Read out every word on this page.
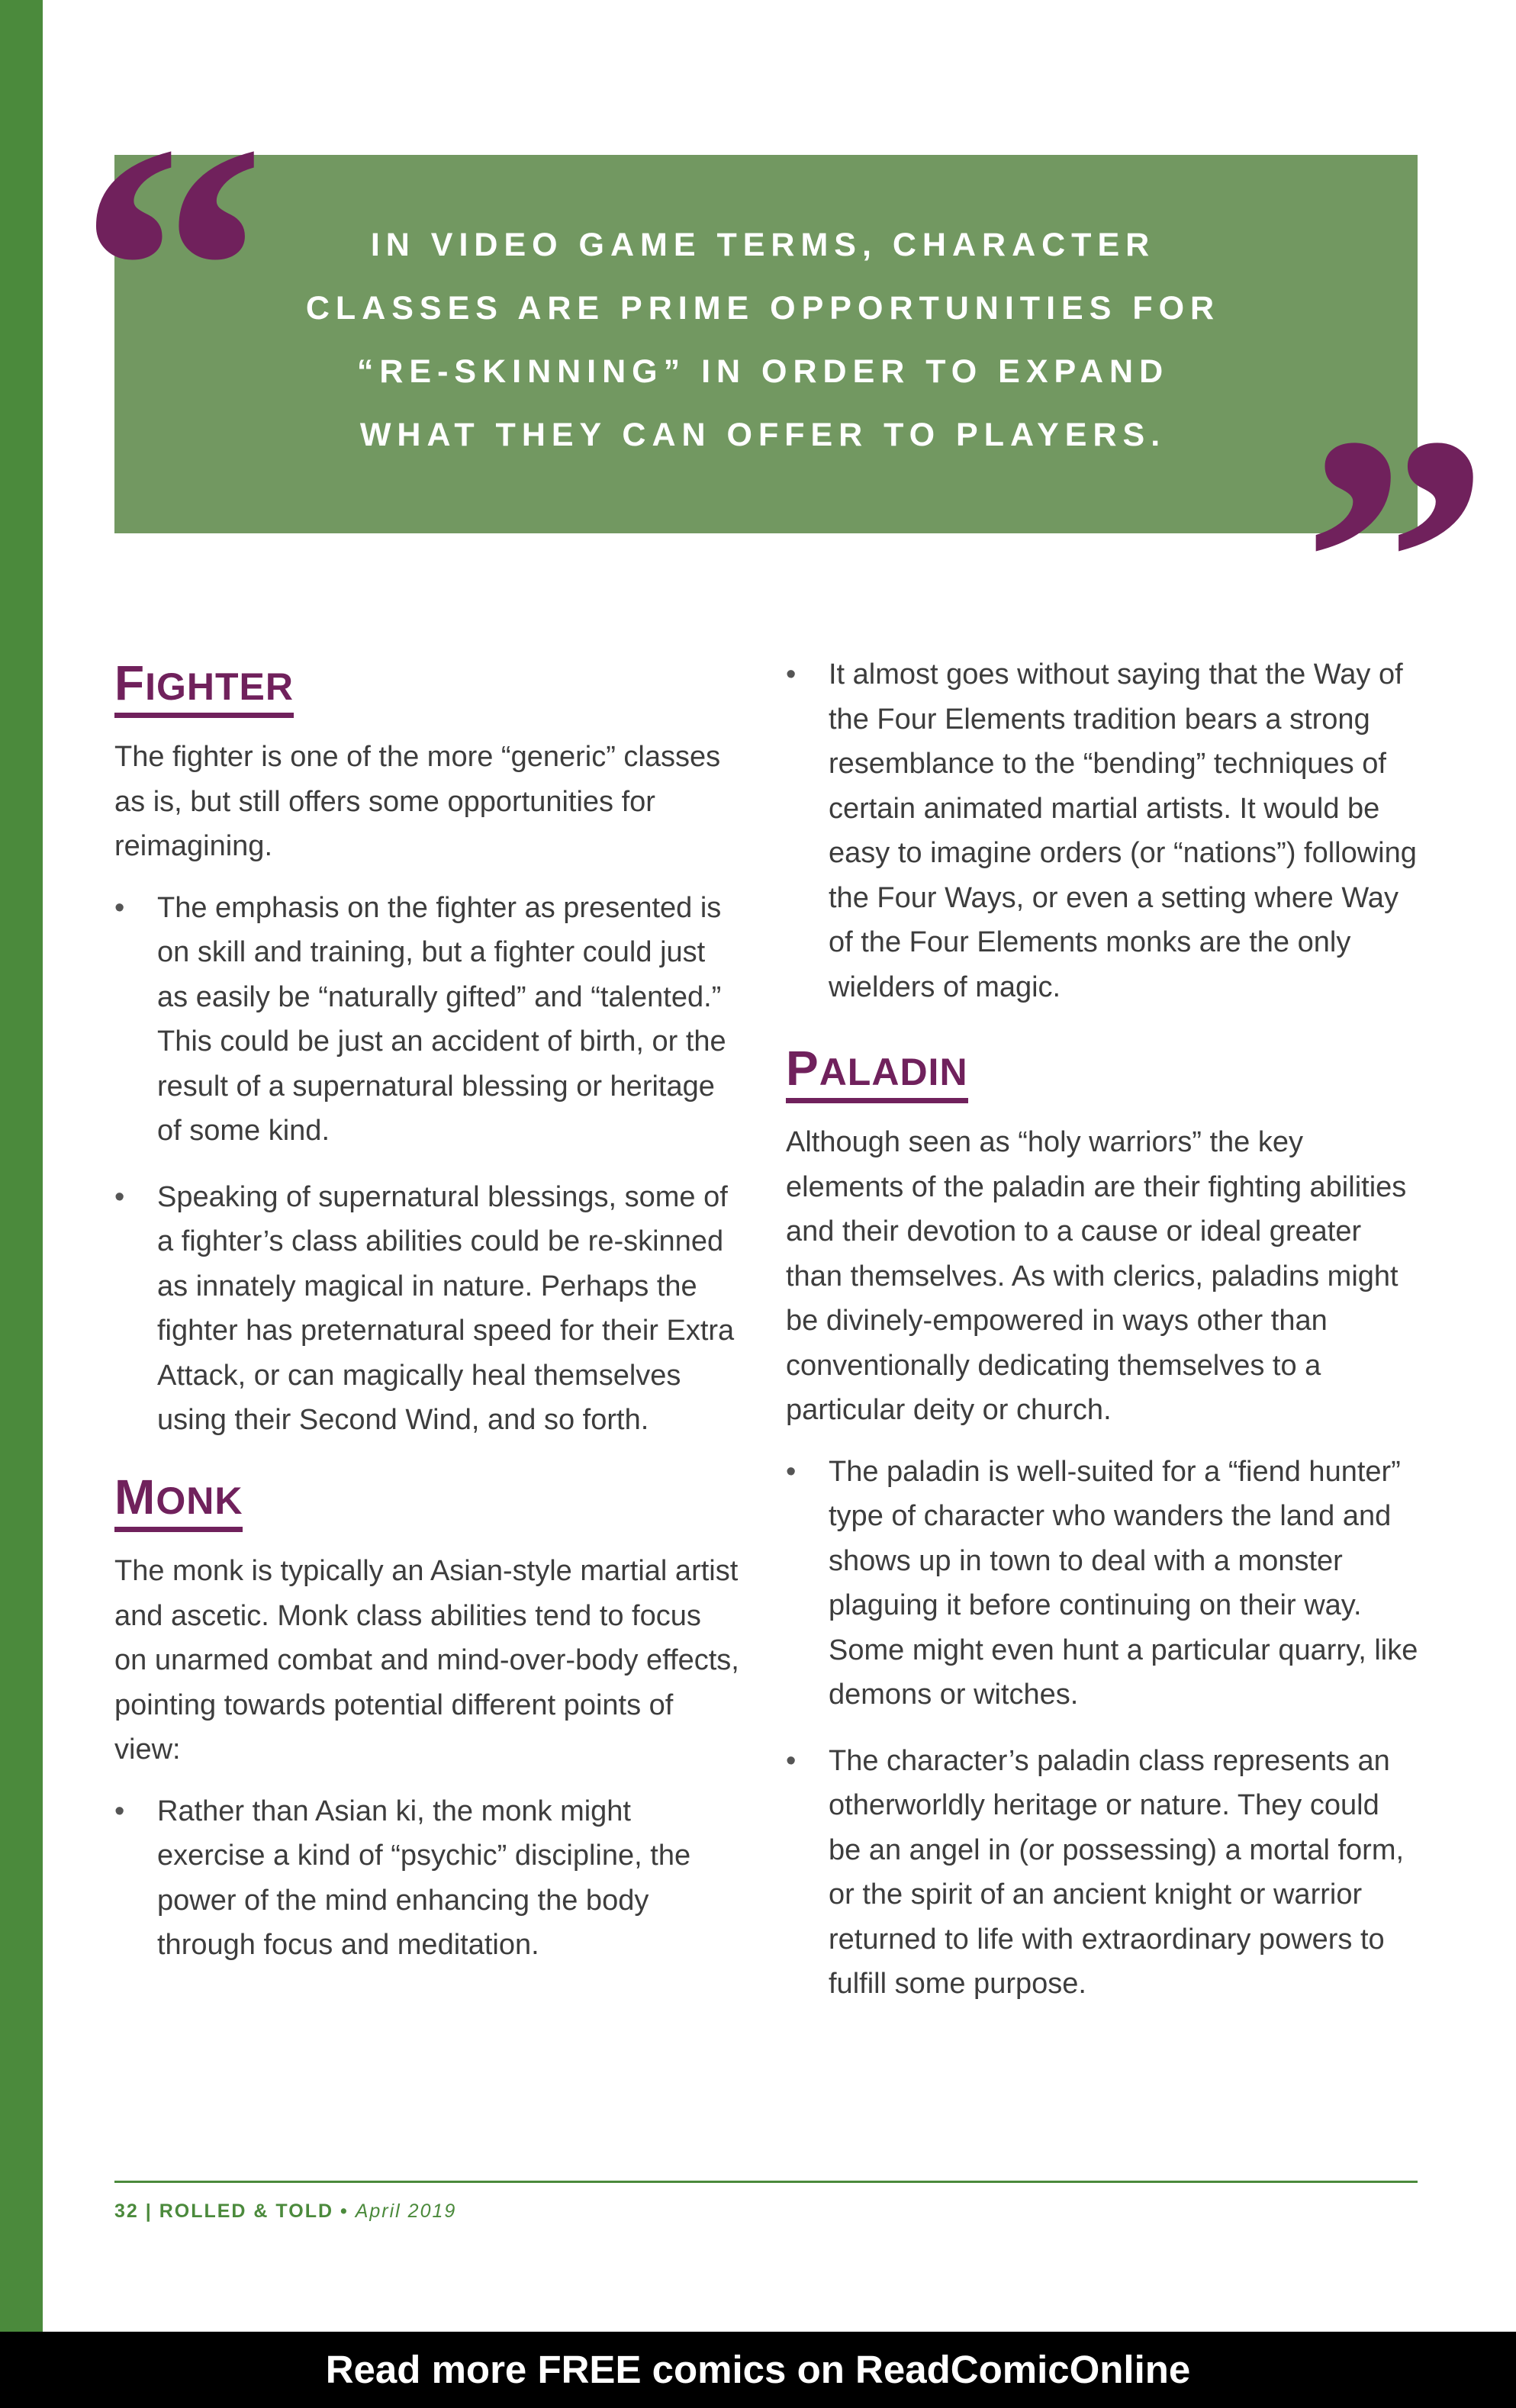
“	IN VIDEO GAME TERMS, CHARACTER CLASSES ARE PRIME OPPORTUNITIES FOR “RE-SKINNING” IN ORDER TO EXPAND WHAT THEY CAN OFFER TO PLAYERS. ”
FIGHTER

The fighter is one of the more “generic” classes as is, but still offers some opportunities for reimagining.

• The emphasis on the fighter as presented is on skill and training, but a fighter could just as easily be “naturally gifted” and “talented.” This could be just an accident of birth, or the result of a supernatural blessing or heritage of some kind.
• Speaking of supernatural blessings, some of a fighter’s class abilities could be re-skinned as innately magical in nature. Perhaps the fighter has preternatural speed for their Extra Attack, or can magically heal themselves using their Second Wind, and so forth.
MONK

The monk is typically an Asian-style martial artist and ascetic. Monk class abilities tend to focus on unarmed combat and mind-over-body effects, pointing towards potential different points of view:

• Rather than Asian ki, the monk might exercise a kind of “psychic” discipline, the power of the mind enhancing the body through focus and meditation.
• It almost goes without saying that the Way of the Four Elements tradition bears a strong resemblance to the “bending” techniques of certain animated martial artists. It would be easy to imagine orders (or “nations”) following the Four Ways, or even a setting where Way of the Four Elements monks are the only wielders of magic.
PALADIN

Although seen as “holy warriors” the key elements of the paladin are their fighting abilities and their devotion to a cause or ideal greater than themselves. As with clerics, paladins might be divinely-empowered in ways other than conventionally dedicating themselves to a particular deity or church.

• The paladin is well-suited for a “fiend hunter” type of character who wanders the land and shows up in town to deal with a monster plaguing it before continuing on their way. Some might even hunt a particular quarry, like demons or witches.
• The character’s paladin class represents an otherworldly heritage or nature. They could be an angel in (or possessing) a mortal form, or the spirit of an ancient knight or warrior returned to life with extraordinary powers to fulfill some purpose.
32 | ROLLED & TOLD • April 2019
Read more FREE comics on ReadComicOnline
